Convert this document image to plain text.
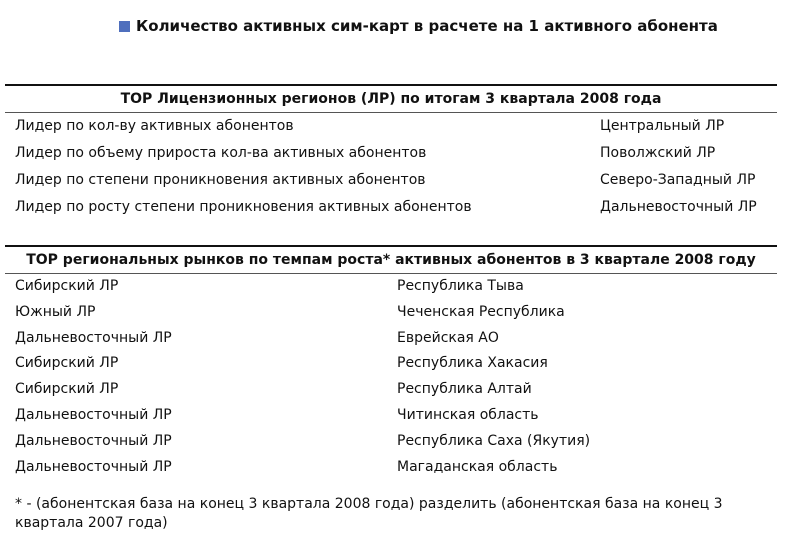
Количество активных сим-карт в расчете на 1 активного абонента
ТОР Лицензионных регионов (ЛР) по итогам 3 квартала 2008 года
Лидер по кол-ву активных абонентов	Центральный ЛР
Лидер по объему прироста кол-ва активных абонентов	Поволжский ЛР
Лидер по степени проникновения активных абонентов	Северо-Западный ЛР
Лидер по росту степени проникновения активных абонентов	Дальневосточный ЛР
ТОР региональных рынков по темпам роста* активных абонентов в 3 квартале 2008 году
Сибирский ЛР	Республика Тыва
Южный ЛР	Чеченская Республика
Дальневосточный ЛР	Еврейская АО
Сибирский ЛР	Республика Хакасия
Сибирский ЛР	Республика Алтай
Дальневосточный ЛР	Читинская область
Дальневосточный ЛР	Республика Саха (Якутия)
Дальневосточный ЛР	Магаданская область
* - (абонентская база на конец 3 квартала 2008 года) разделить (абонентская база на конец 3 квартала 2007 года)
